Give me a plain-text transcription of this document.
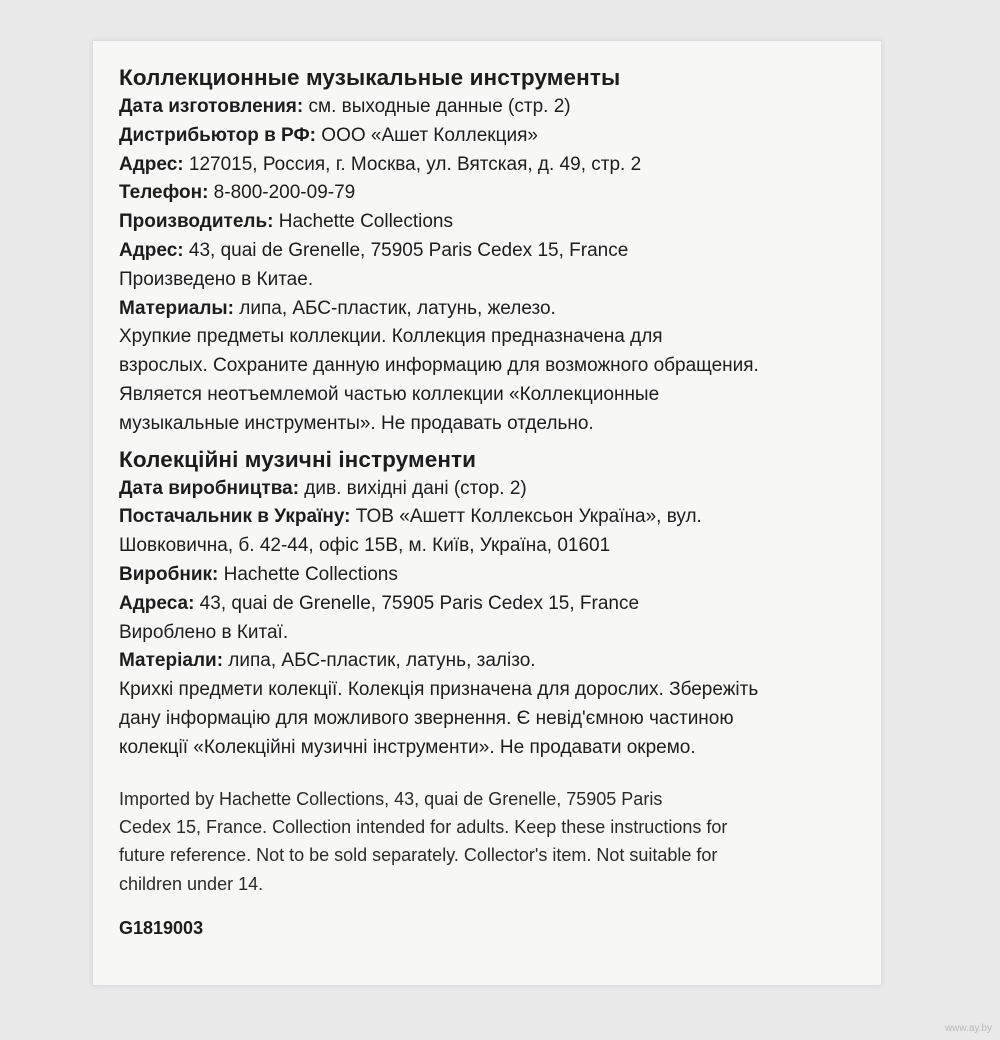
Коллекционные музыкальные инструменты

Дата изготовления: см. выходные данные (стр. 2)

Дистрибьютор в РФ: ООО «Ашет Коллекция»

Адрес: 127015, Россия, г. Москва, ул. Вятская, д. 49, стр. 2

Телефон: 8-800-200-09-79

Производитель: Hachette Collections

Адрес: 43, quai de Grenelle, 75905 Paris Cedex 15, France

Произведено в Китае.

Материалы: липа, АБС-пластик, латунь, железо.

Хрупкие предметы коллекции. Коллекция предназначена для

взрослых. Сохраните данную информацию для возможного обращения.

Является неотъемлемой частью коллекции «Коллекционные

музыкальные инструменты». Не продавать отдельно.

Колекційні музичні інструменти

Дата виробництва: див. вихідні дані (стор. 2)

Постачальник в Україну: ТОВ «Ашетт Коллексьон Україна», вул.

Шовковична, б. 42-44, офіс 15В, м. Київ, Україна, 01601

Виробник: Hachette Collections

Адреса: 43, quai de Grenelle, 75905 Paris Cedex 15, France

Вироблено в Китаї.

Матеріали: липа, АБС-пластик, латунь, залізо.

Крихкі предмети колекції. Колекція призначена для дорослих. Збережіть

дану інформацію для можливого звернення. Є невід'ємною частиною

колекції «Колекційні музичні інструменти». Не продавати окремо.

Imported by Hachette Collections, 43, quai de Grenelle, 75905 Paris
Cedex 15, France. Collection intended for adults. Keep these instructions for
future reference. Not to be sold separately. Collector's item. Not suitable for
children under 14.
G1819003
www.ay.by
